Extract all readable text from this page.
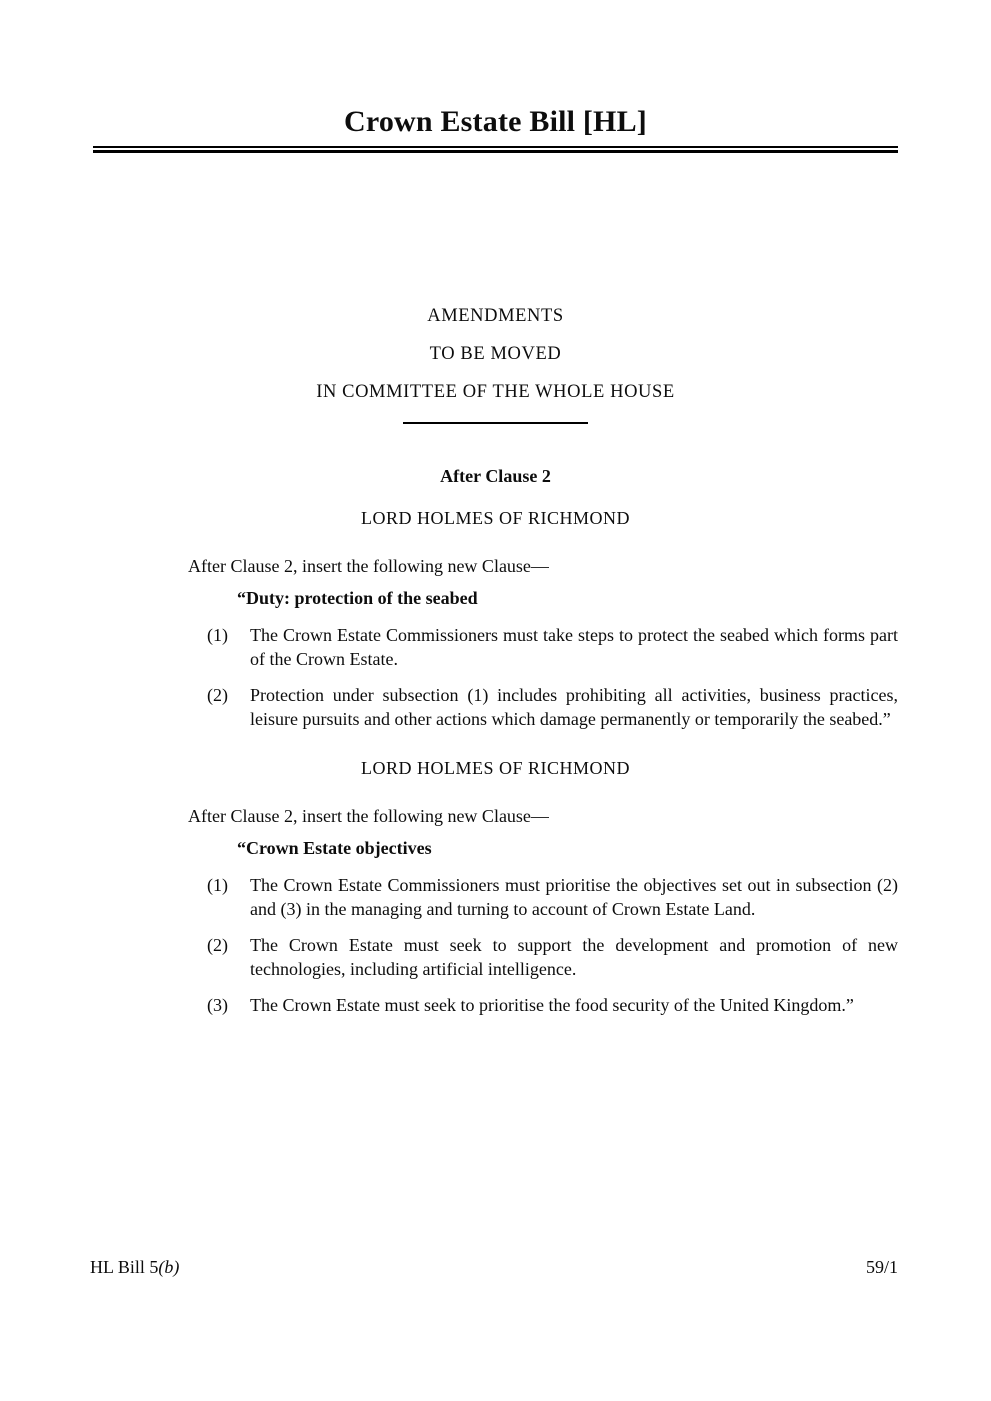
Crown Estate Bill [HL]
AMENDMENTS
TO BE MOVED
IN COMMITTEE OF THE WHOLE HOUSE
After Clause 2
LORD HOLMES OF RICHMOND
After Clause 2, insert the following new Clause—
“Duty: protection of the seabed
(1)	The Crown Estate Commissioners must take steps to protect the seabed which forms part of the Crown Estate.
(2)	Protection under subsection (1) includes prohibiting all activities, business practices, leisure pursuits and other actions which damage permanently or temporarily the seabed.”
LORD HOLMES OF RICHMOND
After Clause 2, insert the following new Clause—
“Crown Estate objectives
(1)	The Crown Estate Commissioners must prioritise the objectives set out in subsection (2) and (3) in the managing and turning to account of Crown Estate Land.
(2)	The Crown Estate must seek to support the development and promotion of new technologies, including artificial intelligence.
(3)	The Crown Estate must seek to prioritise the food security of the United Kingdom.”
HL Bill 5(b)	59/1
